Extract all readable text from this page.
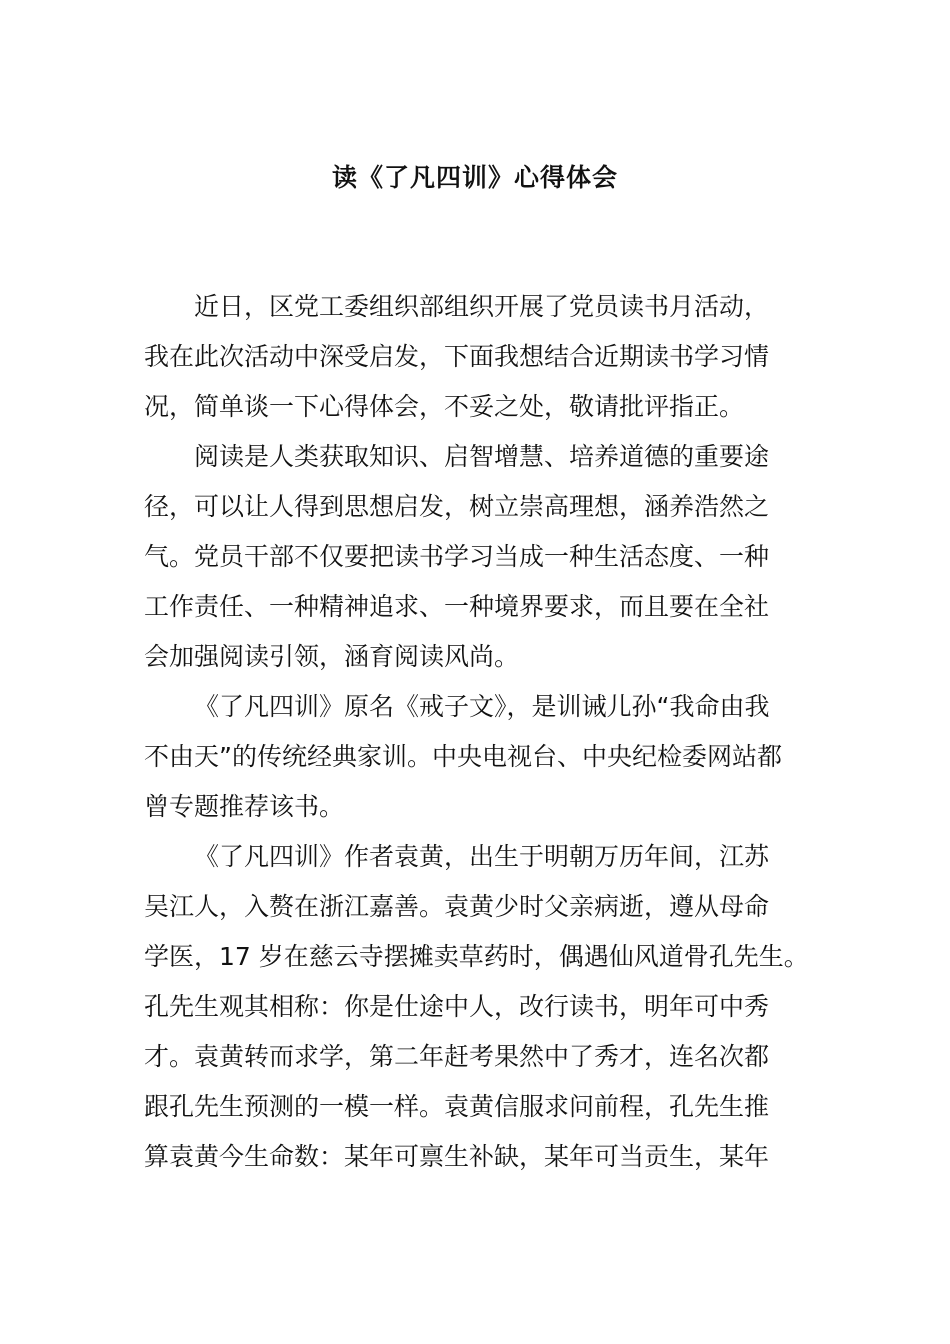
读《了凡四训》心得体会

近日，区党工委组织部组织开展了党员读书月活动，
我在此次活动中深受启发，下面我想结合近期读书学习情
况，简单谈一下心得体会，不妥之处，敬请批评指正。

阅读是人类获取知识、启智增慧、培养道德的重要途
径，可以让人得到思想启发，树立崇高理想，涵养浩然之
气。党员干部不仅要把读书学习当成一种生活态度、一种
工作责任、一种精神追求、一种境界要求，而且要在全社
会加强阅读引领，涵育阅读风尚。

《了凡四训》原名《戒子文》，是训诫儿孙“我命由我
不由天”的传统经典家训。中央电视台、中央纪检委网站都
曾专题推荐该书。

《了凡四训》作者袁黄，出生于明朝万历年间，江苏
吴江人，入赘在浙江嘉善。袁黄少时父亲病逝，遵从母命
学医，17 岁在慈云寺摆摊卖草药时，偶遇仙风道骨孔先生。
孔先生观其相称：你是仕途中人，改行读书，明年可中秀
才。袁黄转而求学，第二年赶考果然中了秀才，连名次都
跟孔先生预测的一模一样。袁黄信服求问前程，孔先生推
算袁黄今生命数：某年可禀生补缺，某年可当贡生，某年
